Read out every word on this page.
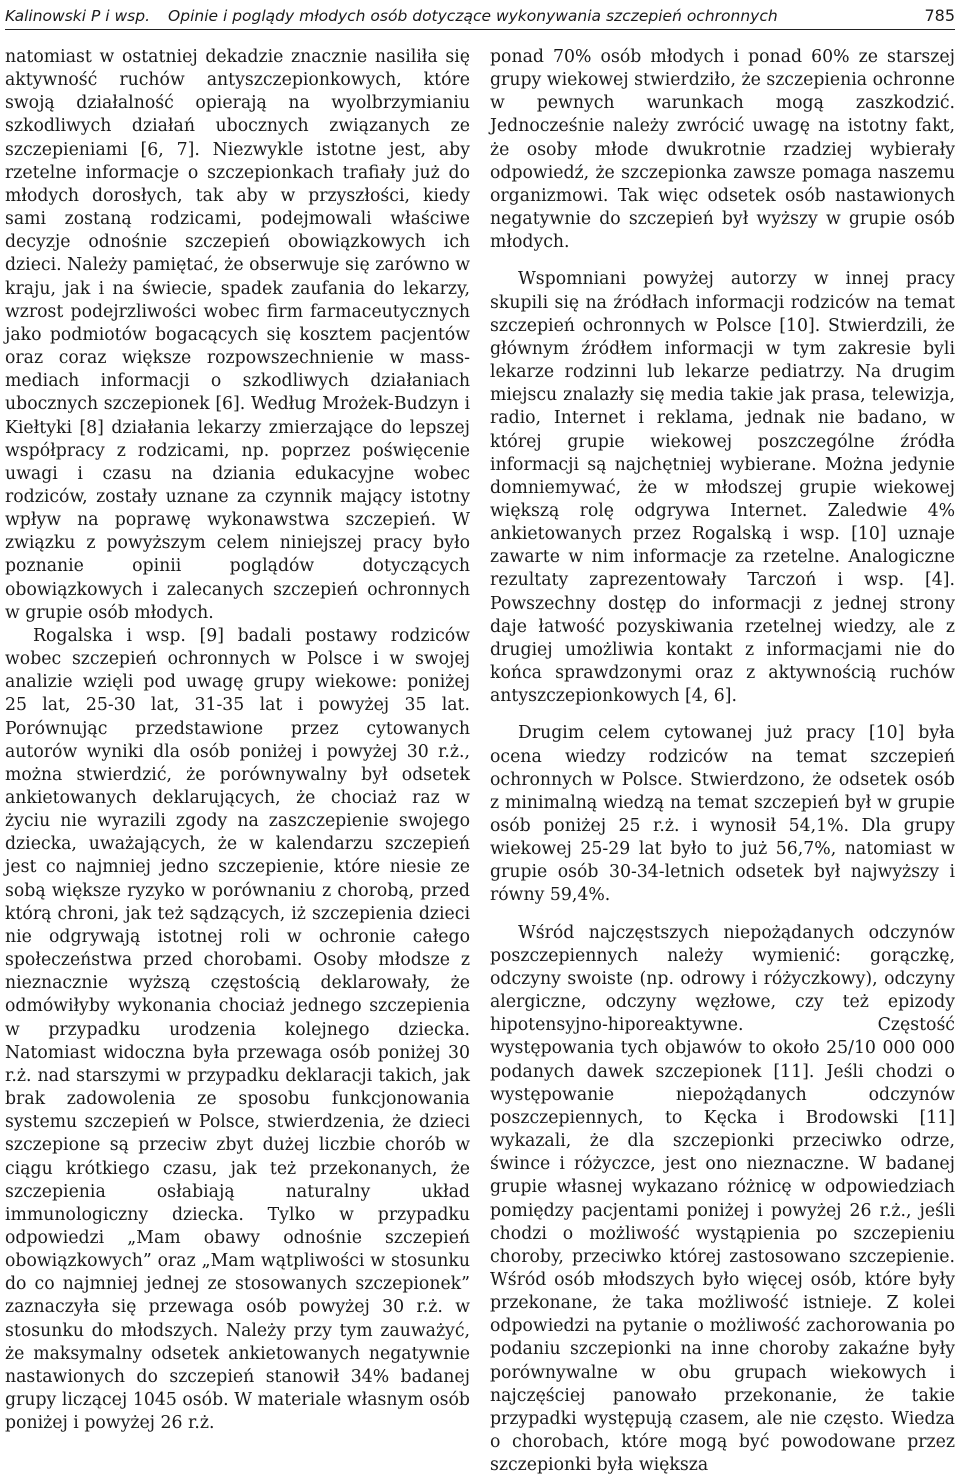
Kalinowski P i wsp. Opinie i poglądy młodych osób dotyczące wykonywania szczepień ochronnych	785

natomiast w ostatniej dekadzie znacznie nasiliła się aktywność ruchów antyszczepionkowych, które swoją działalność opierają na wyolbrzymianiu szkodliwych działań ubocznych związanych ze szczepieniami [6, 7]. Niezwykle istotne jest, aby rzetelne informacje o szczepionkach trafiały już do młodych dorosłych, tak aby w przyszłości, kiedy sami zostaną rodzicami, podejmowali właściwe decyzje odnośnie szczepień obowiązkowych ich dzieci. Należy pamiętać, że obserwuje się zarówno w kraju, jak i na świecie, spadek zaufania do lekarzy, wzrost podejrzliwości wobec firm farmaceutycznych jako podmiotów bogacących się kosztem pacjentów oraz coraz większe rozpowszechnienie w mass-mediach informacji o szkodliwych działaniach ubocznych szczepionek [6]. Według Mrożek-Budzyn i Kiełtyki [8] działania lekarzy zmierzające do lepszej współpracy z rodzicami, np. poprzez poświęcenie uwagi i czasu na dziania edukacyjne wobec rodziców, zostały uznane za czynnik mający istotny wpływ na poprawę wykonawstwa szczepień. W związku z powyższym celem niniejszej pracy było poznanie opinii poglądów dotyczących obowiązkowych i zalecanych szczepień ochronnych w grupie osób młodych.

Rogalska i wsp. [9] badali postawy rodziców wobec szczepień ochronnych w Polsce i w swojej analizie wzięli pod uwagę grupy wiekowe: poniżej 25 lat, 25-30 lat, 31-35 lat i powyżej 35 lat. Porównując przedstawione przez cytowanych autorów wyniki dla osób poniżej i powyżej 30 r.ż., można stwierdzić, że porównywalny był odsetek ankietowanych deklarujących, że chociaż raz w życiu nie wyrazili zgody na zaszczepienie swojego dziecka, uważających, że w kalendarzu szczepień jest co najmniej jedno szczepienie, które niesie ze sobą większe ryzyko w porównaniu z chorobą, przed którą chroni, jak też sądzących, iż szczepienia dzieci nie odgrywają istotnej roli w ochronie całego społeczeństwa przed chorobami. Osoby młodsze z nieznacznie wyższą częstością deklarowały, że odmówiłyby wykonania chociaż jednego szczepienia w przypadku urodzenia kolejnego dziecka. Natomiast widoczna była przewaga osób poniżej 30 r.ż. nad starszymi w przypadku deklaracji takich, jak brak zadowolenia ze sposobu funkcjonowania systemu szczepień w Polsce, stwierdzenia, że dzieci szczepione są przeciw zbyt dużej liczbie chorób w ciągu krótkiego czasu, jak też przekonanych, że szczepienia osłabiają naturalny układ immunologiczny dziecka. Tylko w przypadku odpowiedzi „Mam obawy odnośnie szczepień obowiązkowych” oraz „Mam wątpliwości w stosunku do co najmniej jednej ze stosowanych szczepionek” zaznaczyła się przewaga osób powyżej 30 r.ż. w stosunku do młodszych. Należy przy tym zauważyć, że maksymalny odsetek ankietowanych negatywnie nastawionych do szczepień stanowił 34% badanej grupy liczącej 1045 osób. W materiale własnym osób poniżej i powyżej 26 r.ż.

ponad 70% osób młodych i ponad 60% ze starszej grupy wiekowej stwierdziło, że szczepienia ochronne w pewnych warunkach mogą zaszkodzić. Jednocześnie należy zwrócić uwagę na istotny fakt, że osoby młode dwukrotnie rzadziej wybierały odpowiedź, że szczepionka zawsze pomaga naszemu organizmowi. Tak więc odsetek osób nastawionych negatywnie do szczepień był wyższy w grupie osób młodych.

Wspomniani powyżej autorzy w innej pracy skupili się na źródłach informacji rodziców na temat szczepień ochronnych w Polsce [10]. Stwierdzili, że głównym źródłem informacji w tym zakresie byli lekarze rodzinni lub lekarze pediatrzy. Na drugim miejscu znalazły się media takie jak prasa, telewizja, radio, Internet i reklama, jednak nie badano, w której grupie wiekowej poszczególne źródła informacji są najchętniej wybierane. Można jedynie domniemywać, że w młodszej grupie wiekowej większą rolę odgrywa Internet. Zaledwie 4% ankietowanych przez Rogalską i wsp. [10] uznaje zawarte w nim informacje za rzetelne. Analogiczne rezultaty zaprezentowały Tarczoń i wsp. [4]. Powszechny dostęp do informacji z jednej strony daje łatwość pozyskiwania rzetelnej wiedzy, ale z drugiej umożliwia kontakt z informacjami nie do końca sprawdzonymi oraz z aktywnością ruchów antyszczepionkowych [4, 6].

Drugim celem cytowanej już pracy [10] była ocena wiedzy rodziców na temat szczepień ochronnych w Polsce. Stwierdzono, że odsetek osób z minimalną wiedzą na temat szczepień był w grupie osób poniżej 25 r.ż. i wynosił 54,1%. Dla grupy wiekowej 25-29 lat było to już 56,7%, natomiast w grupie osób 30-34-letnich odsetek był najwyższy i równy 59,4%.

Wśród najczęstszych niepożądanych odczynów poszczepiennych należy wymienić: gorączkę, odczyny swoiste (np. odrowy i różyczkowy), odczyny alergiczne, odczyny węzłowe, czy też epizody hipotensyjno-hiporeaktywne. Częstość występowania tych objawów to około 25/10 000 000 podanych dawek szczepionek [11]. Jeśli chodzi o występowanie niepożądanych odczynów poszczepiennych, to Kęcka i Brodowski [11] wykazali, że dla szczepionki przeciwko odrze, śwince i różyczce, jest ono nieznaczne. W badanej grupie własnej wykazano różnicę w odpowiedziach pomiędzy pacjentami poniżej i powyżej 26 r.ż., jeśli chodzi o możliwość wystąpienia po szczepieniu choroby, przeciwko której zastosowano szczepienie. Wśród osób młodszych było więcej osób, które były przekonane, że taka możliwość istnieje. Z kolei odpowiedzi na pytanie o możliwość zachorowania po podaniu szczepionki na inne choroby zakaźne były porównywalne w obu grupach wiekowych i najczęściej panowało przekonanie, że takie przypadki występują czasem, ale nie często. Wiedza o chorobach, które mogą być powodowane przez szczepionki była większa
